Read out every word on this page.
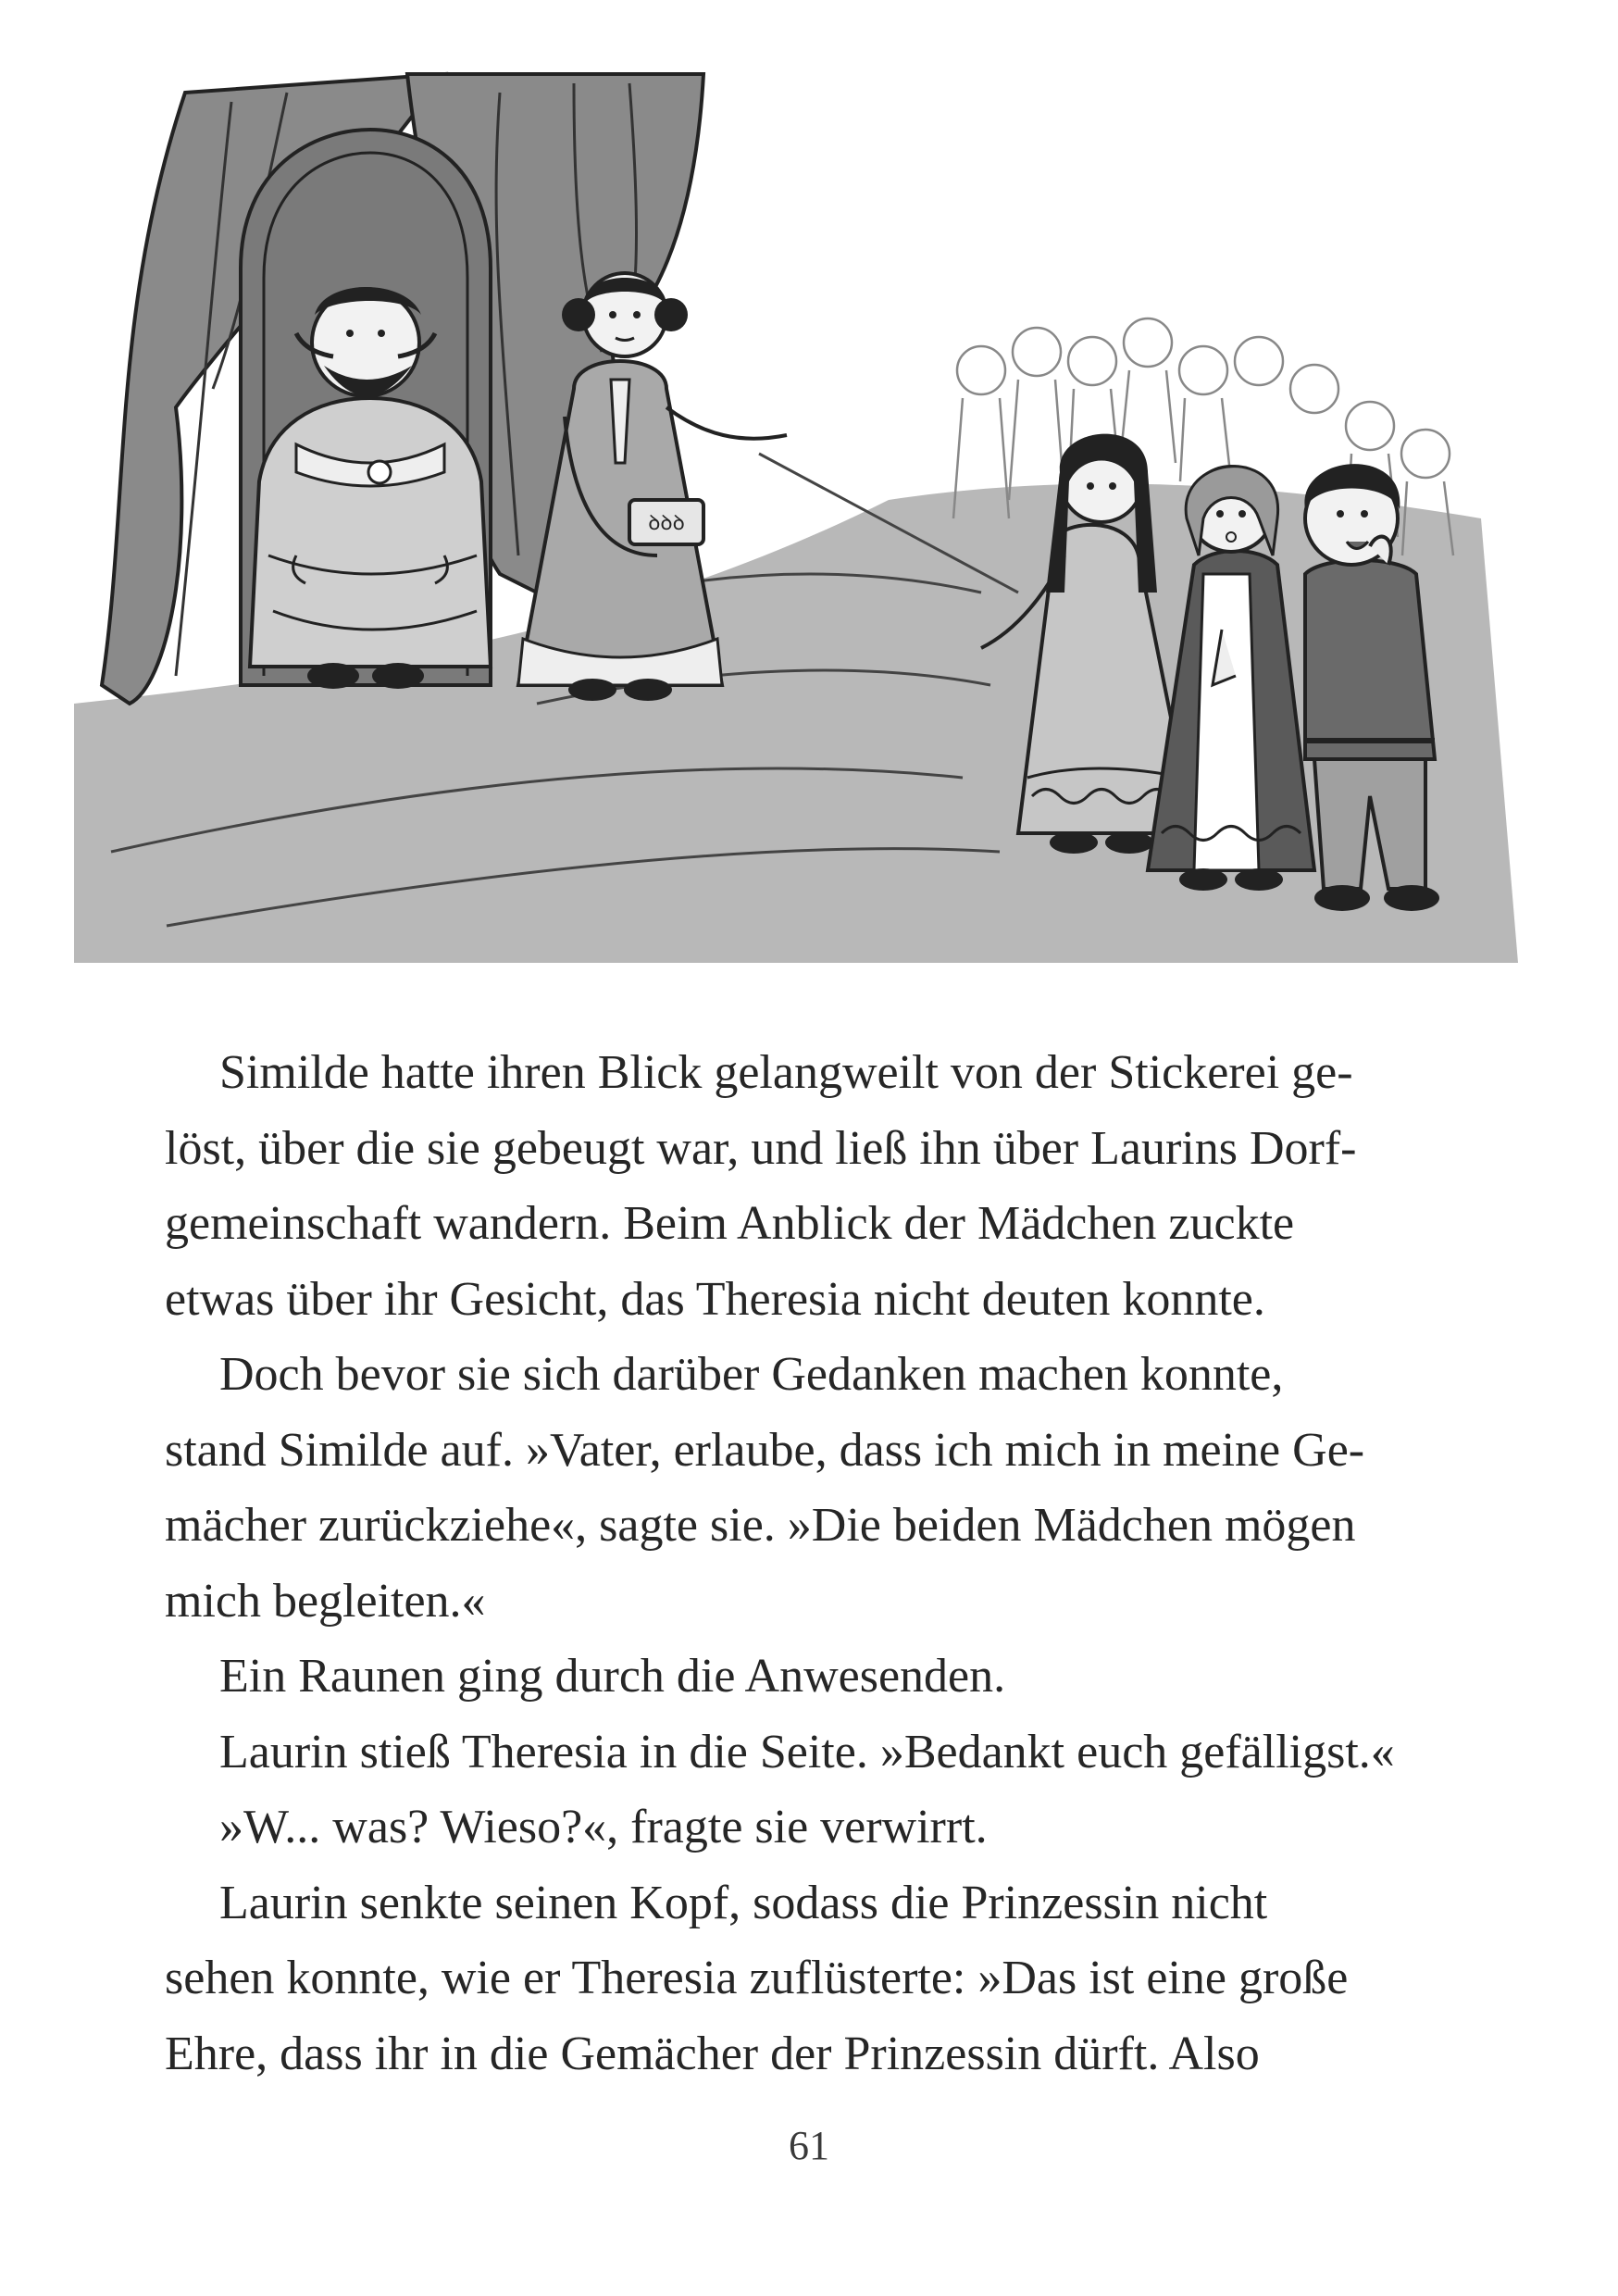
ꝺꝺꝺ
Similde hatte ihren Blick gelangweilt von der Stickerei ge-
löst, über die sie gebeugt war, und ließ ihn über Laurins Dorf-
gemeinschaft wandern. Beim Anblick der Mädchen zuckte
etwas über ihr Gesicht, das Theresia nicht deuten konnte.
Doch bevor sie sich darüber Gedanken machen konnte,
stand Similde auf. »Vater, erlaube, dass ich mich in meine Ge-
mächer zurückziehe«, sagte sie. »Die beiden Mädchen mögen
mich begleiten.«
Ein Raunen ging durch die Anwesenden.
Laurin stieß Theresia in die Seite. »Bedankt euch gefälligst.«
»W... was? Wieso?«, fragte sie verwirrt.
Laurin senkte seinen Kopf, sodass die Prinzessin nicht
sehen konnte, wie er Theresia zuflüsterte: »Das ist eine große
Ehre, dass ihr in die Gemächer der Prinzessin dürft. Also
61
